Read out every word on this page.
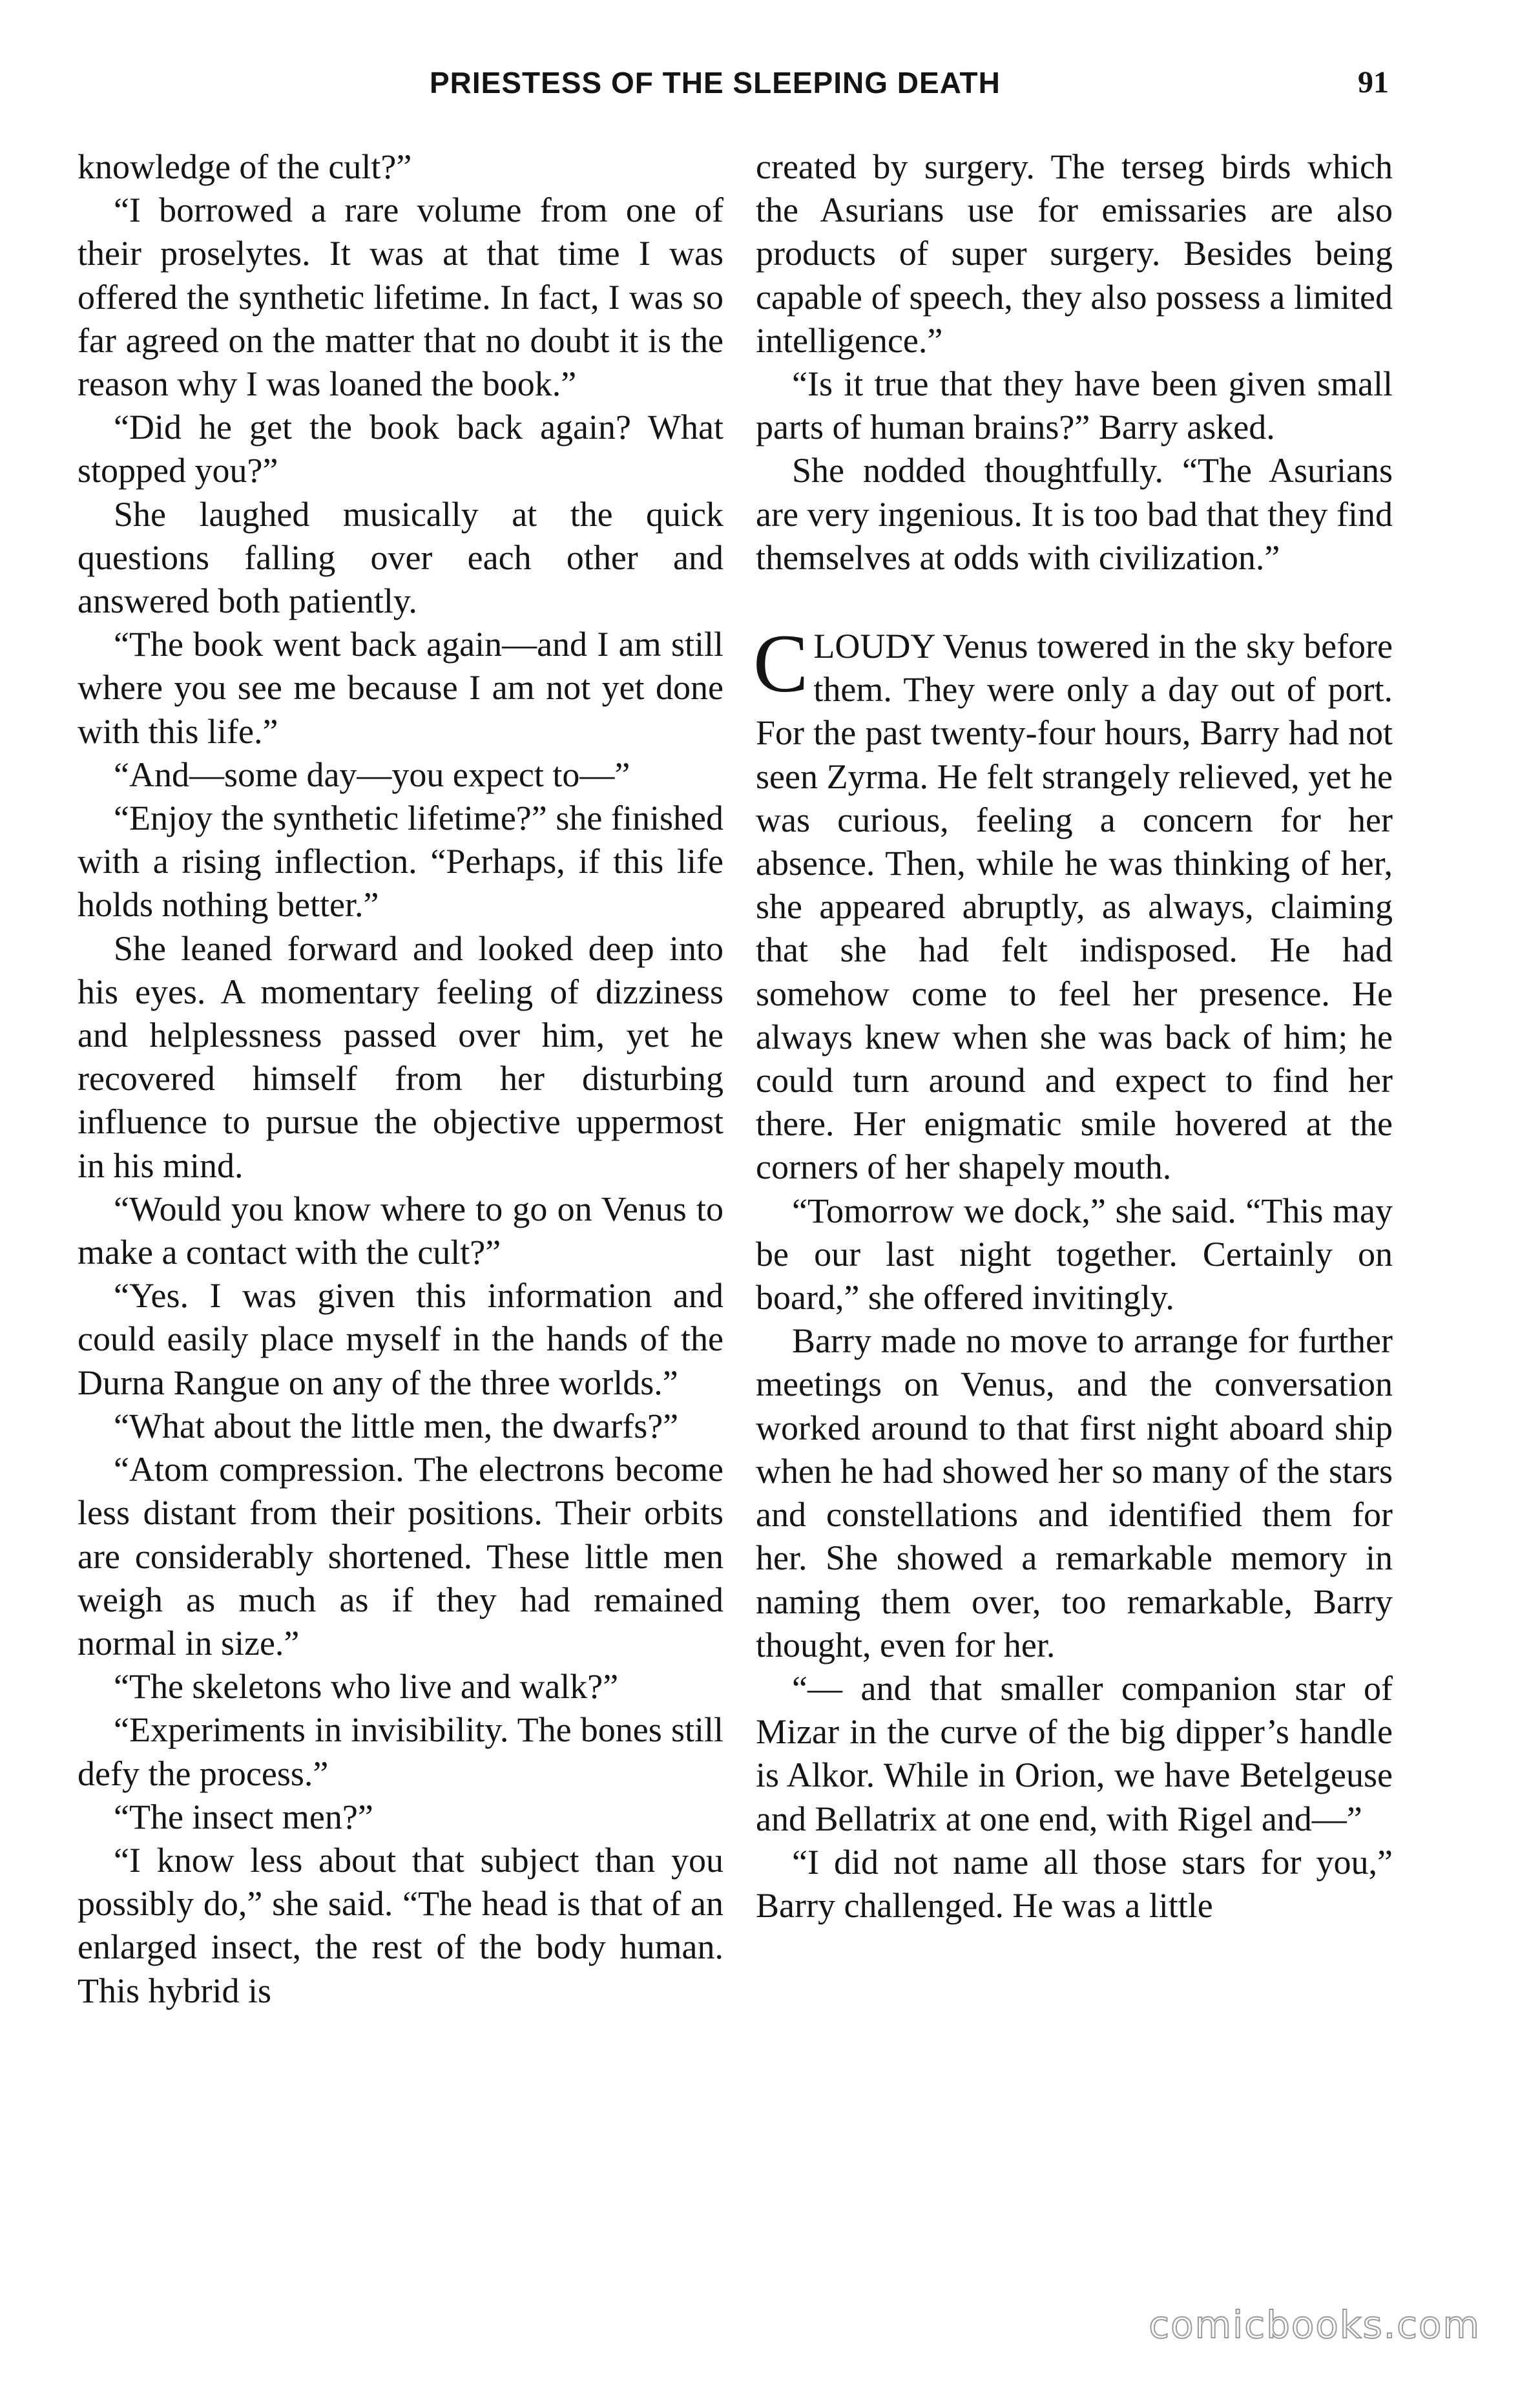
PRIESTESS OF THE SLEEPING DEATH	91

knowledge of the cult?”

“I borrowed a rare volume from one of their proselytes. It was at that time I was offered the synthetic lifetime. In fact, I was so far agreed on the matter that no doubt it is the reason why I was loaned the book.”

“Did he get the book back again? What stopped you?”

She laughed musically at the quick questions falling over each other and answered both patiently.

“The book went back again—and I am still where you see me because I am not yet done with this life.”

“And—some day—you expect to—”

“Enjoy the synthetic lifetime?” she finished with a rising inflection. “Perhaps, if this life holds nothing better.”

She leaned forward and looked deep into his eyes. A momentary feeling of dizziness and helplessness passed over him, yet he recovered himself from her disturbing influence to pursue the objective uppermost in his mind.

“Would you know where to go on Venus to make a contact with the cult?”

“Yes. I was given this information and could easily place myself in the hands of the Durna Rangue on any of the three worlds.”

“What about the little men, the dwarfs?”

“Atom compression. The electrons become less distant from their positions. Their orbits are considerably shortened. These little men weigh as much as if they had remained normal in size.”

“The skeletons who live and walk?”

“Experiments in invisibility. The bones still defy the process.”

“The insect men?”

“I know less about that subject than you possibly do,” she said. “The head is that of an enlarged insect, the rest of the body human. This hybrid is

created by surgery. The terseg birds which the Asurians use for emissaries are also products of super surgery. Besides being capable of speech, they also possess a limited intelligence.”

“Is it true that they have been given small parts of human brains?” Barry asked.

She nodded thoughtfully. “The Asurians are very ingenious. It is too bad that they find themselves at odds with civilization.”

CLOUDY Venus towered in the sky before them. They were only a day out of port. For the past twenty-four hours, Barry had not seen Zyrma. He felt strangely relieved, yet he was curious, feeling a concern for her absence. Then, while he was thinking of her, she appeared abruptly, as always, claiming that she had felt indisposed. He had somehow come to feel her presence. He always knew when she was back of him; he could turn around and expect to find her there. Her enigmatic smile hovered at the corners of her shapely mouth.

“Tomorrow we dock,” she said. “This may be our last night together. Certainly on board,” she offered invitingly.

Barry made no move to arrange for further meetings on Venus, and the conversation worked around to that first night aboard ship when he had showed her so many of the stars and constellations and identified them for her. She showed a remarkable memory in naming them over, too remarkable, Barry thought, even for her.

“— and that smaller companion star of Mizar in the curve of the big dipper’s handle is Alkor. While in Orion, we have Betelgeuse and Bellatrix at one end, with Rigel and—”

“I did not name all those stars for you,” Barry challenged. He was a little

comicbooks.com
